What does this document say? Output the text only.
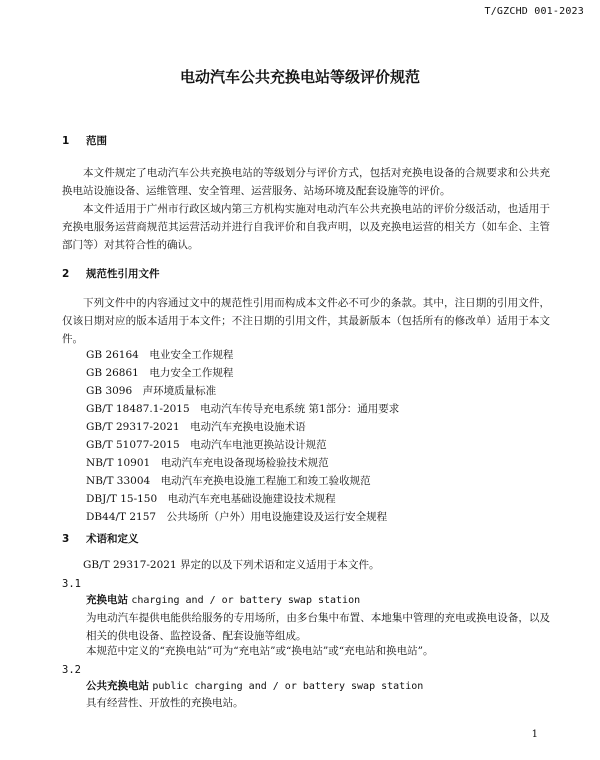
T/GZCHD 001-2023
电动汽车公共充换电站等级评价规范
1 范围
本文件规定了电动汽车公共充换电站的等级划分与评价方式，包括对充换电设备的合规要求和公共充换电站设施设备、运维管理、安全管理、运营服务、站场环境及配套设施等的评价。
本文件适用于广州市行政区域内第三方机构实施对电动汽车公共充换电站的评价分级活动，也适用于充换电服务运营商规范其运营活动并进行自我评价和自我声明，以及充换电运营的相关方（如车企、主管部门等）对其符合性的确认。
2 规范性引用文件
下列文件中的内容通过文中的规范性引用而构成本文件必不可少的条款。其中，注日期的引用文件，仅该日期对应的版本适用于本文件；不注日期的引用文件，其最新版本（包括所有的修改单）适用于本文件。
GB 26164　电业安全工作规程
GB 26861　电力安全工作规程
GB 3096　声环境质量标准
GB/T 18487.1-2015　电动汽车传导充电系统 第1部分：通用要求
GB/T 29317-2021　电动汽车充换电设施术语
GB/T 51077-2015　电动汽车电池更换站设计规范
NB/T 10901　电动汽车充电设备现场检验技术规范
NB/T 33004　电动汽车充换电设施工程施工和竣工验收规范
DBJ/T 15-150　电动汽车充电基础设施建设技术规程
DB44/T 2157　公共场所（户外）用电设施建设及运行安全规程
3 术语和定义
GB/T 29317-2021 界定的以及下列术语和定义适用于本文件。
3.1
充换电站 charging and / or battery swap station
为电动汽车提供电能供给服务的专用场所，由多台集中布置、本地集中管理的充电或换电设备，以及相关的供电设备、监控设备、配套设施等组成。
本规范中定义的“充换电站”可为“充电站”或“换电站”或“充电站和换电站”。
3.2
公共充换电站 public charging and / or battery swap station
具有经营性、开放性的充换电站。
1
